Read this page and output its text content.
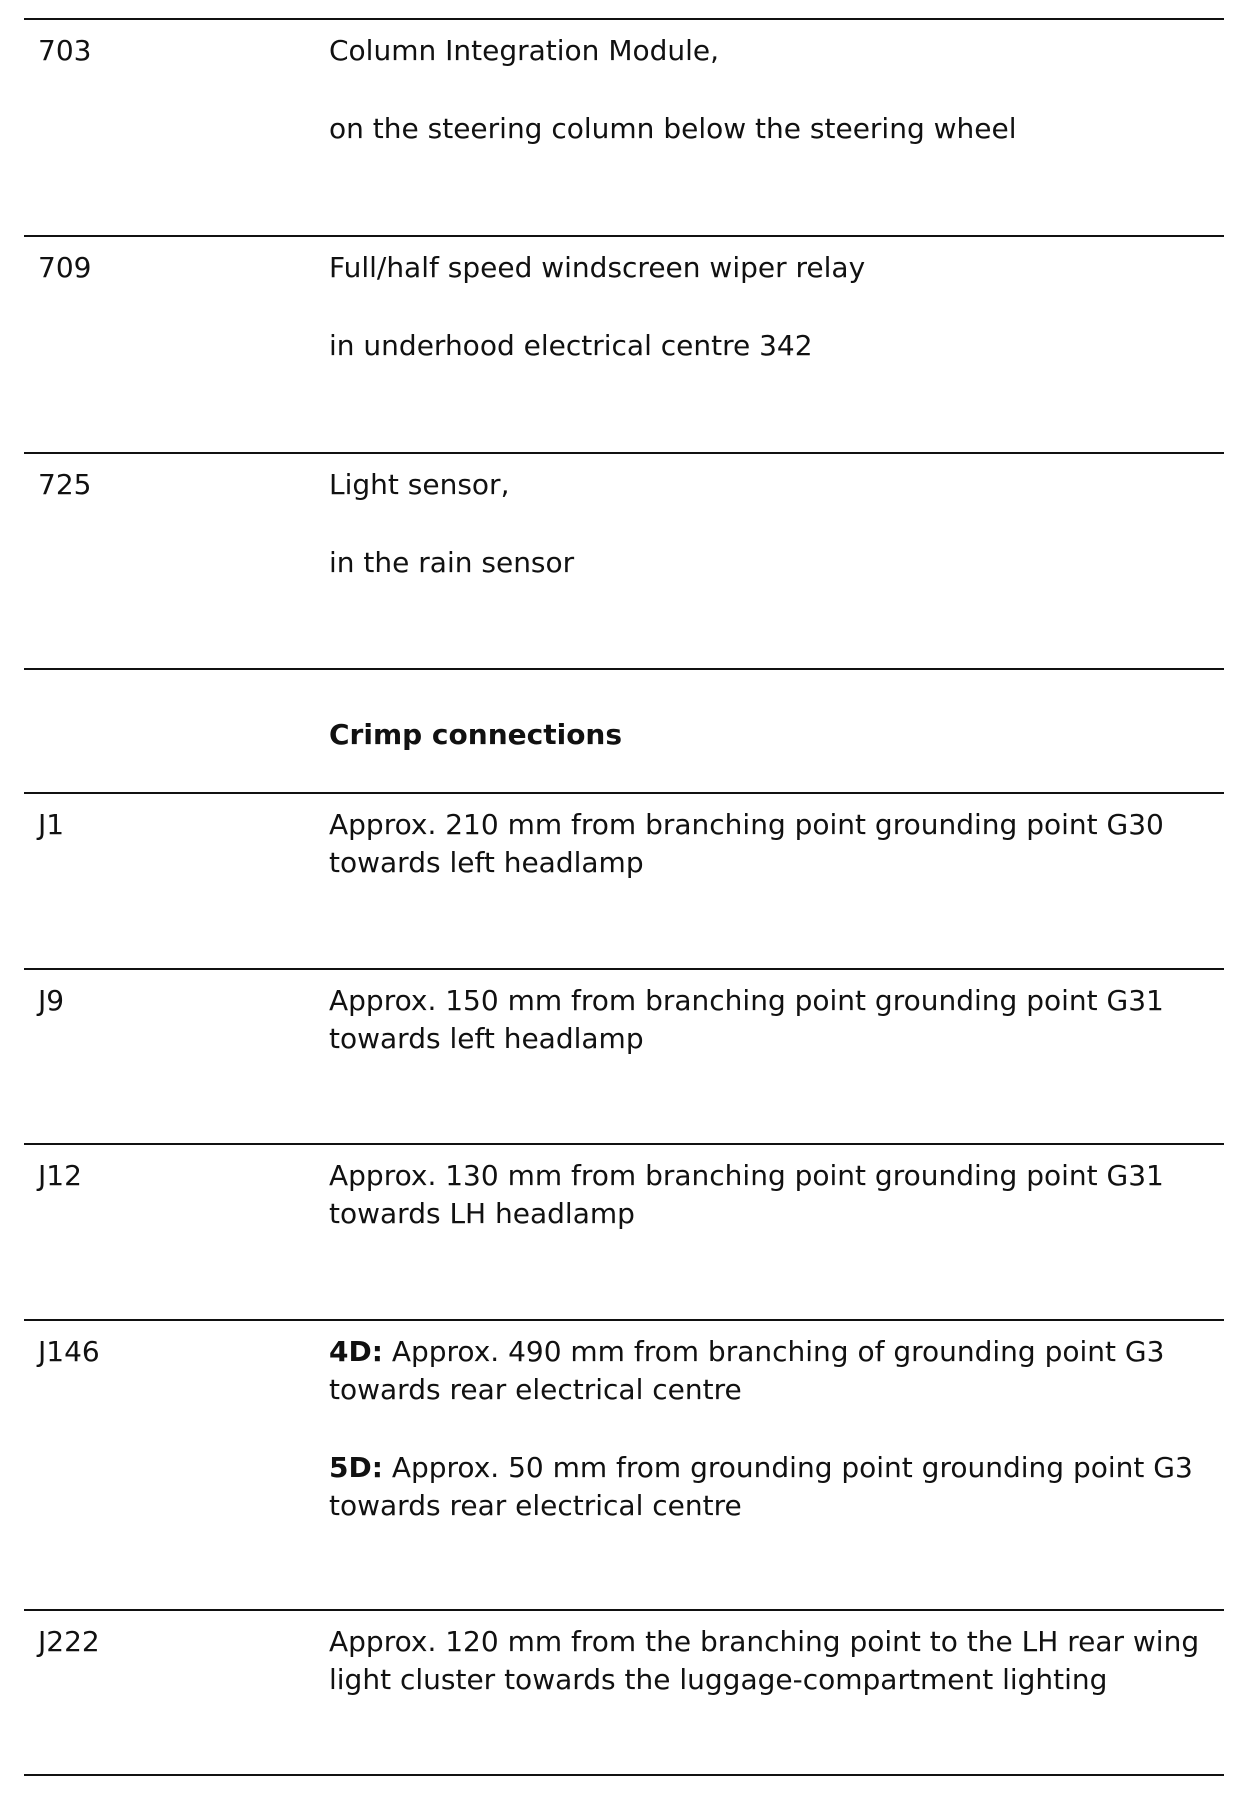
703	Column Integration Module,

on the steering column below the steering wheel

709	Full/half speed windscreen wiper relay

in underhood electrical centre 342

725	Light sensor,

in the rain sensor

Crimp connections

J1	Approx. 210 mm from branching point grounding point G30 towards left headlamp

J9	Approx. 150 mm from branching point grounding point G31 towards left headlamp

J12	Approx. 130 mm from branching point grounding point G31 towards LH headlamp

J146	4D: Approx. 490 mm from branching of grounding point G3 towards rear electrical centre

5D: Approx. 50 mm from grounding point grounding point G3 towards rear electrical centre

J222	Approx. 120 mm from the branching point to the LH rear wing light cluster towards the luggage-compartment lighting
